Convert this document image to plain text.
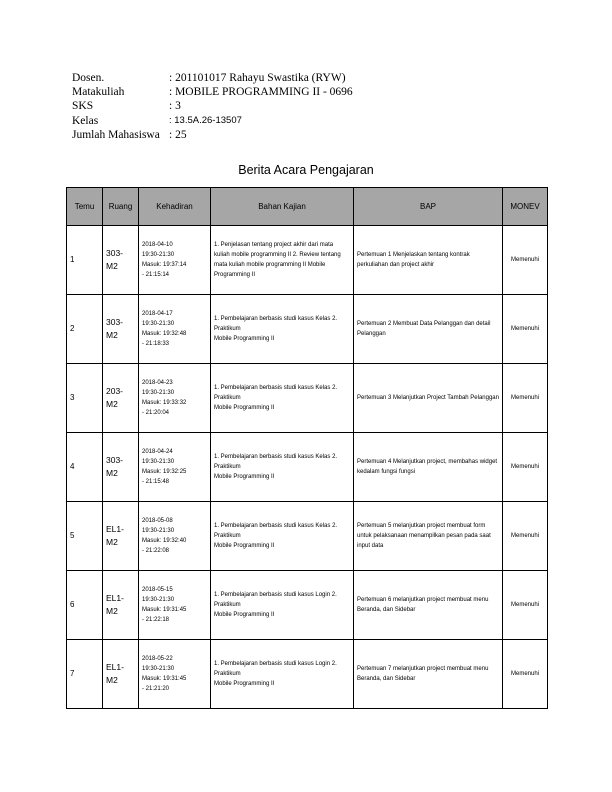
Dosen.	: 201101017 Rahayu Swastika (RYW)
Matakuliah	: MOBILE PROGRAMMING II - 0696
SKS	: 3
Kelas	: 13.5A.26-13507
Jumlah Mahasiswa : 25
Berita Acara Pengajaran
Temu	Ruang	Kehadiran	Bahan Kajian	BAP	MONEV
1	303-
M2	2018-04-10
19:30-21:30
Masuk: 19:37:14
- 21:15:14	1. Penjelasan tentang project akhir dari mata kuliah mobile programming II 2. Review tentang mata kuliah mobile programming II Mobile Programming II	Pertemuan 1 Menjelaskan tentang kontrak perkuliahan dan project akhir	Memenuhi
2	303-
M2	2018-04-17
19:30-21:30
Masuk: 19:32:48
- 21:18:33	1. Pembelajaran berbasis studi kasus Kelas 2. Praktikum
Mobile Programming II	Pertemuan 2 Membuat Data Pelanggan dan detail Pelanggan	Memenuhi
3	203-
M2	2018-04-23
19:30-21:30
Masuk: 19:33:32
- 21:20:04	1. Pembelajaran berbasis studi kasus Kelas 2. Praktikum
Mobile Programming II	Pertemuan 3 Melanjutkan Project Tambah Pelanggan	Memenuhi
4	303-
M2	2018-04-24
19:30-21:30
Masuk: 19:32:25
- 21:15:48	1. Pembelajaran berbasis studi kasus Kelas 2. Praktikum
Mobile Programming II	Pertemuan 4 Melanjutkan project, membahas widget kedalam fungsi fungsi	Memenuhi
5	EL1-
M2	2018-05-08
19:30-21:30
Masuk: 19:32:40
- 21:22:08	1. Pembelajaran berbasis studi kasus Kelas 2. Praktikum
Mobile Programming II	Pertemuan 5 melanjutkan project membuat form untuk pelaksanaan menampilkan pesan pada saat input data	Memenuhi
6	EL1-
M2	2018-05-15
19:30-21:30
Masuk: 19:31:45
- 21:22:18	1. Pembelajaran berbasis studi kasus Login 2. Praktikum
Mobile Programming II	Pertemuan 6 melanjutkan project membuat menu Beranda, dan Sidebar	Memenuhi
7	EL1-
M2	2018-05-22
19:30-21:30
Masuk: 19:31:45
- 21:21:20	1. Pembelajaran berbasis studi kasus Login 2. Praktikum
Mobile Programming II	Pertemuan 7 melanjutkan project membuat menu Beranda, dan Sidebar	Memenuhi
